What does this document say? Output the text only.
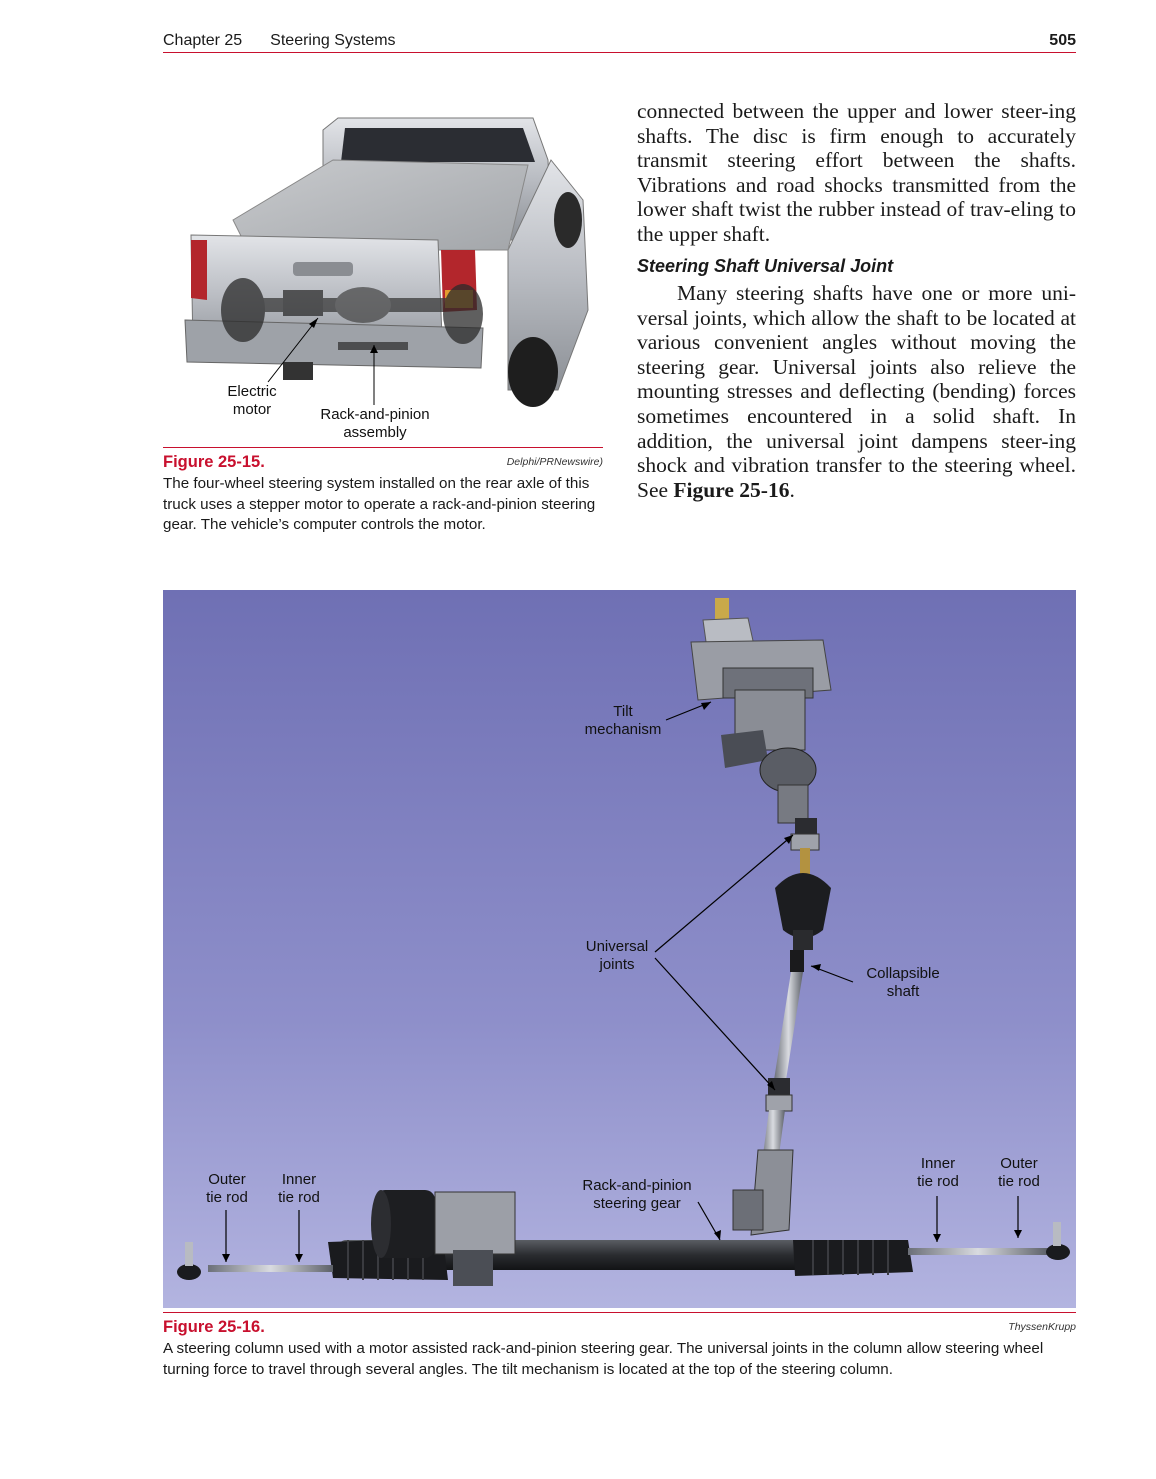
Chapter 25 Steering Systems	505
Electric
motor	Rack-and-pinion
assembly
Figure 25-15.	Delphi/PRNewswire)
The four-wheel steering system installed on the rear axle of this truck uses a stepper motor to operate a rack-and-pinion steering gear. The vehicle’s computer controls the motor.
connected between the upper and lower steer-ing shafts. The disc is firm enough to accurately transmit steering effort between the shafts. Vibrations and road shocks transmitted from the lower shaft twist the rubber instead of trav-eling to the upper shaft.
Steering Shaft Universal Joint
Many steering shafts have one or more uni-versal joints, which allow the shaft to be located at various convenient angles without moving the steering gear. Universal joints also relieve the mounting stresses and deflecting (bending) forces sometimes encountered in a solid shaft. In addition, the universal joint dampens steer-ing shock and vibration transfer to the steering wheel. See Figure 25-16.
Tilt
mechanism
Universal
joints
Collapsible
shaft
Outer
tie rod
Inner
tie rod
Rack-and-pinion
steering gear
Inner
tie rod
Outer
tie rod
Figure 25-16.	ThyssenKrupp
A steering column used with a motor assisted rack-and-pinion steering gear. The universal joints in the column allow steering wheel turning force to travel through several angles. The tilt mechanism is located at the top of the steering column.
